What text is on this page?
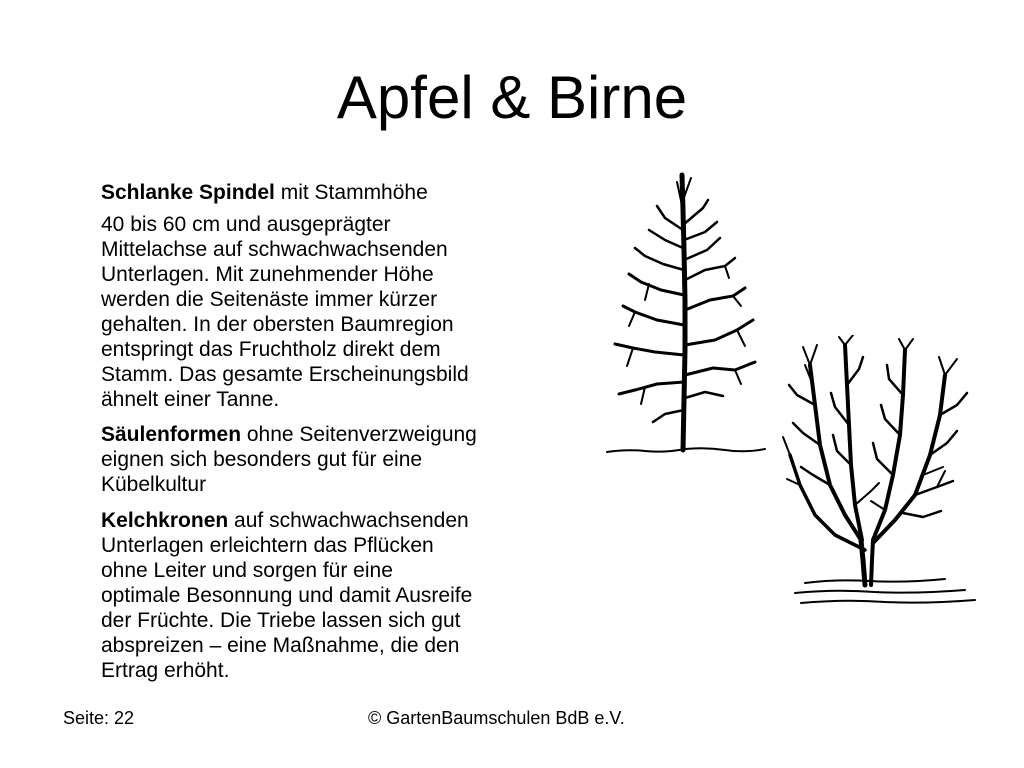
Apfel & Birne

Schlanke Spindel mit Stammhöhe

40 bis 60 cm und ausgeprägter
Mittelachse auf schwachwachsenden
Unterlagen. Mit zunehmender Höhe
werden die Seitenäste immer kürzer
gehalten. In der obersten Baumregion
entspringt das Fruchtholz direkt dem
Stamm. Das gesamte Erscheinungsbild
ähnelt einer Tanne.

Säulenformen ohne Seitenverzweigung
eignen sich besonders gut für eine
Kübelkultur

Kelchkronen auf schwachwachsenden
Unterlagen erleichtern das Pflücken
ohne Leiter und sorgen für eine
optimale Besonnung und damit Ausreife
der Früchte. Die Triebe lassen sich gut
abspreizen – eine Maßnahme, die den
Ertrag erhöht.

Seite: 22	© GartenBaumschulen BdB e.V.
